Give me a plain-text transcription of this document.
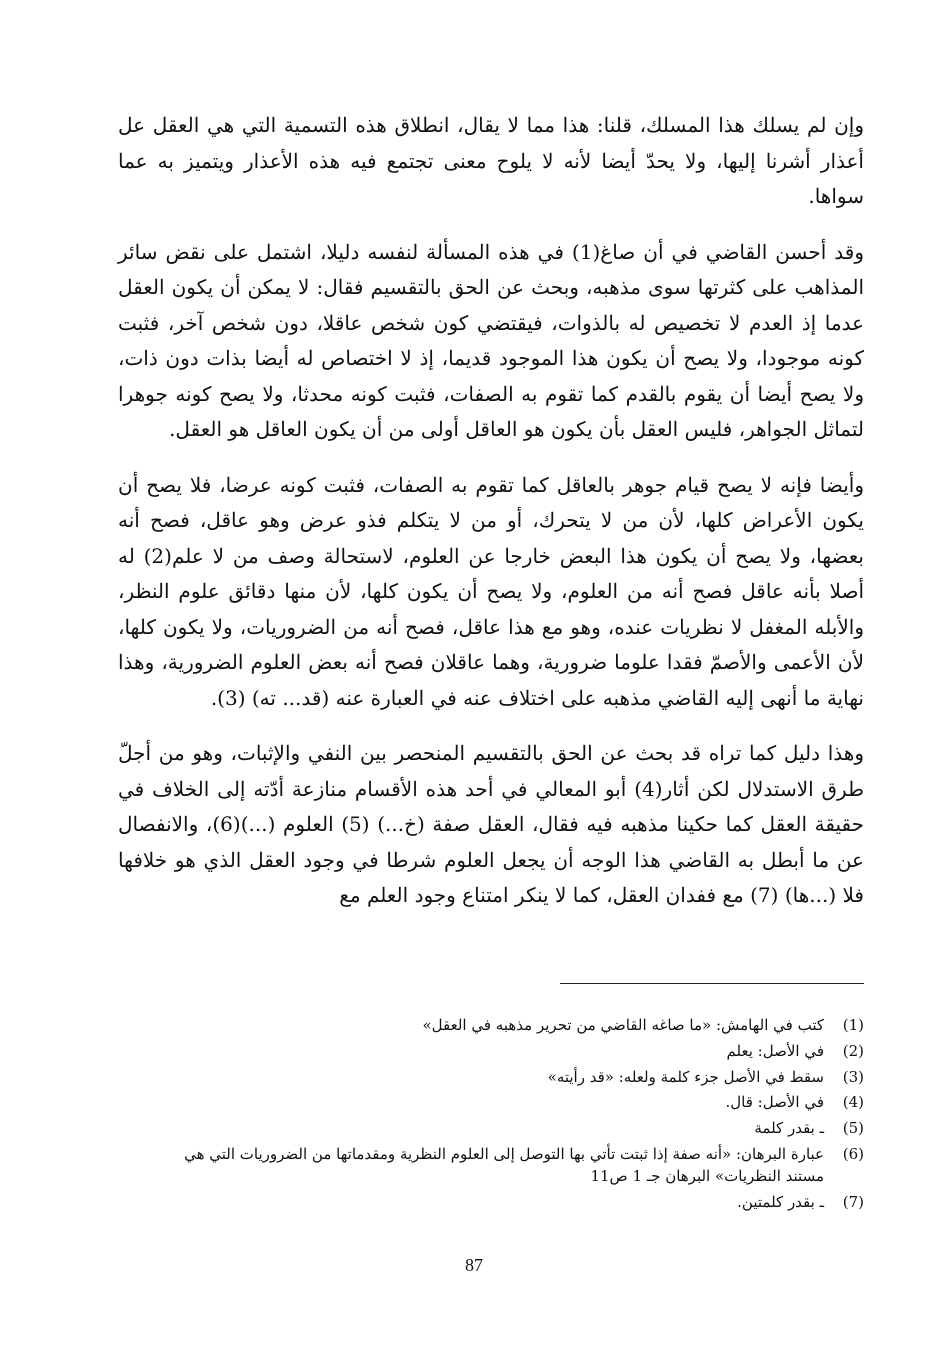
وإن لم يسلك هذا المسلك، قلنا: هذا مما لا يقال، انطلاق هذه التسمية التي هي العقل عل أعذار أشرنا إليها، ولا يحدّ أيضا لأنه لا يلوح معنى تجتمع فيه هذه الأعذار ويتميز به عما سواها.

وقد أحسن القاضي في أن صاغ(1) في هذه المسألة لنفسه دليلا، اشتمل على نقض سائر المذاهب على كثرتها سوى مذهبه، وبحث عن الحق بالتقسيم فقال: لا يمكن أن يكون العقل عدما إذ العدم لا تخصيص له بالذوات، فيقتضي كون شخص عاقلا، دون شخص آخر، فثبت كونه موجودا، ولا يصح أن يكون هذا الموجود قديما، إذ لا اختصاص له أيضا بذات دون ذات، ولا يصح أيضا أن يقوم بالقدم كما تقوم به الصفات، فثبت كونه محدثا، ولا يصح كونه جوهرا لتماثل الجواهر، فليس العقل بأن يكون هو العاقل أولى من أن يكون العاقل هو العقل.

وأيضا فإنه لا يصح قيام جوهر بالعاقل كما تقوم به الصفات، فثبت كونه عرضا، فلا يصح أن يكون الأعراض كلها، لأن من لا يتحرك، أو من لا يتكلم فذو عرض وهو عاقل، فصح أنه بعضها، ولا يصح أن يكون هذا البعض خارجا عن العلوم، لاستحالة وصف من لا علم(2) له أصلا بأنه عاقل فصح أنه من العلوم، ولا يصح أن يكون كلها، لأن منها دقائق علوم النظر، والأبله المغفل لا نظريات عنده، وهو مع هذا عاقل، فصح أنه من الضروريات، ولا يكون كلها، لأن الأعمى والأصمّ فقدا علوما ضرورية، وهما عاقلان فصح أنه بعض العلوم الضرورية، وهذا نهاية ما أنهى إليه القاضي مذهبه على اختلاف عنه في العبارة عنه (قد... ته) (3).

وهذا دليل كما تراه قد بحث عن الحق بالتقسيم المنحصر بين النفي والإثبات، وهو من أجلّ طرق الاستدلال لكن أثار(4) أبو المعالي في أحد هذه الأقسام منازعة أدّته إلى الخلاف في حقيقة العقل كما حكينا مذهبه فيه فقال، العقل صفة (خ...) (5) العلوم (...)(6)، والانفصال عن ما أبطل به القاضي هذا الوجه أن يجعل العلوم شرطا في وجود العقل الذي هو خلافها فلا (...ها) (7) مع ففدان العقل، كما لا ينكر امتناع وجود العلم مع

(1)
كتب في الهامش: «ما صاغه القاضي من تحرير مذهبه في العقل»
(2)
في الأصل: يعلم
(3)
سقط في الأصل جزء كلمة ولعله: «قد رأيته»
(4)
في الأصل: قال.
(5)
ـ بقدر كلمة
(6)
عبارة البرهان: «أنه صفة إذا ثبتت تأتي بها التوصل إلى العلوم النظرية ومقدماتها من الضروريات التي هي
مستند النظريات» البرهان جـ 1 ص11
(7)
ـ بقدر كلمتين.
87
